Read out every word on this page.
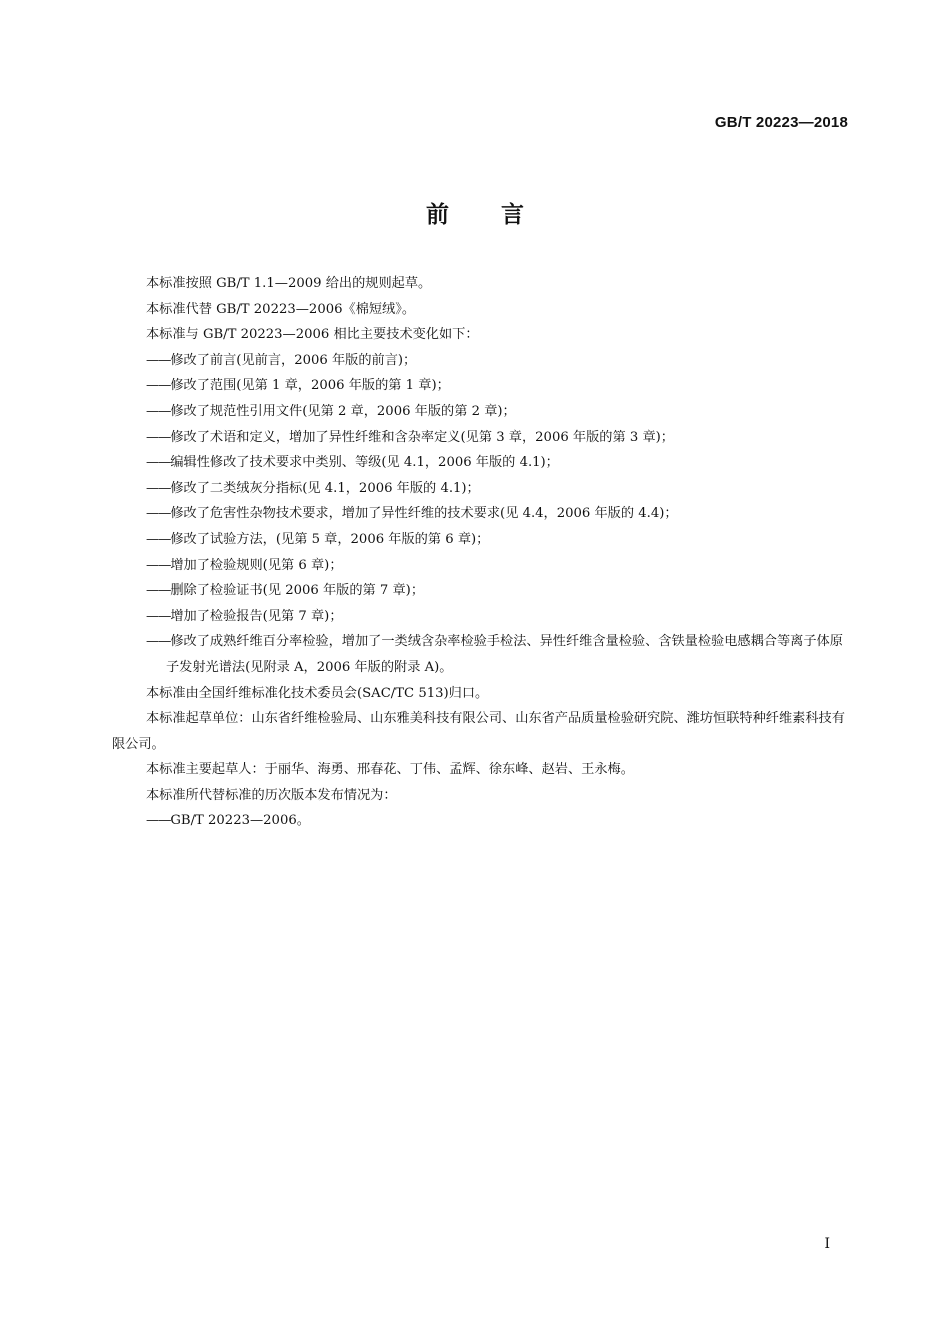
GB/T 20223—2018
前 言

本标准按照 GB/T 1.1—2009 给出的规则起草。

本标准代替 GB/T 20223—2006《棉短绒》。

本标准与 GB/T 20223—2006 相比主要技术变化如下：

——修改了前言(见前言，2006 年版的前言)；

——修改了范围(见第 1 章，2006 年版的第 1 章)；

——修改了规范性引用文件(见第 2 章，2006 年版的第 2 章)；

——修改了术语和定义，增加了异性纤维和含杂率定义(见第 3 章，2006 年版的第 3 章)；

——编辑性修改了技术要求中类别、等级(见 4.1，2006 年版的 4.1)；

——修改了二类绒灰分指标(见 4.1，2006 年版的 4.1)；

——修改了危害性杂物技术要求，增加了异性纤维的技术要求(见 4.4，2006 年版的 4.4)；

——修改了试验方法，(见第 5 章，2006 年版的第 6 章)；

——增加了检验规则(见第 6 章)；

——删除了检验证书(见 2006 年版的第 7 章)；

——增加了检验报告(见第 7 章)；

——修改了成熟纤维百分率检验，增加了一类绒含杂率检验手检法、异性纤维含量检验、含铁量检验电感耦合等离子体原子发射光谱法(见附录 A，2006 年版的附录 A)。

本标准由全国纤维标准化技术委员会(SAC/TC 513)归口。

本标准起草单位：山东省纤维检验局、山东雅美科技有限公司、山东省产品质量检验研究院、潍坊恒联特种纤维素科技有限公司。

本标准主要起草人：于丽华、海勇、邢春花、丁伟、孟辉、徐东峰、赵岩、王永梅。

本标准所代替标准的历次版本发布情况为：

——GB/T 20223—2006。

I
